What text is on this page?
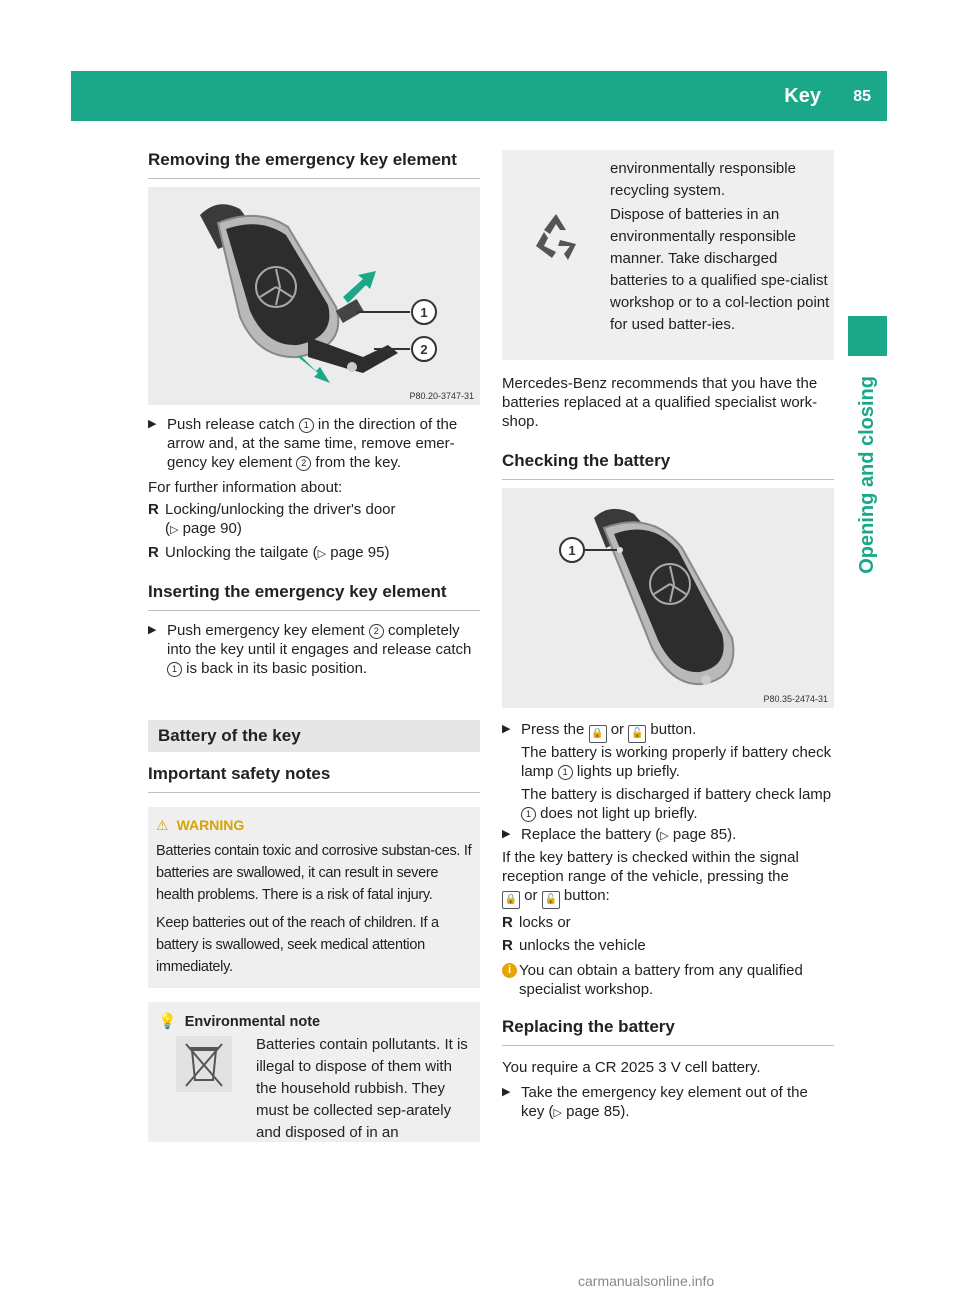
Key 85
Opening and closing
Removing the emergency key element
1
2
P80.20-3747-31
▶ Push release catch 1 in the direction of the arrow and, at the same time, remove emer-gency key element 2 from the key.

For further information about:

R Locking/unlocking the driver's door
(▷ page 90)
R Unlocking the tailgate (▷ page 95)
Inserting the emergency key element
▶ Push emergency key element 2 completely into the key until it engages and release catch 1 is back in its basic position.
Battery of the key
Important safety notes
⚠ WARNING

Batteries contain toxic and corrosive substan-ces. If batteries are swallowed, it can result in severe health problems. There is a risk of fatal injury.

Keep batteries out of the reach of children. If a battery is swallowed, seek medical attention immediately.

💡 Environmental note

Batteries contain pollutants. It is illegal to dispose of them with the household rubbish. They must be collected sep-arately and disposed of in an

environmentally responsible recycling system.

Dispose of batteries in an environmentally responsible manner. Take discharged batteries to a qualified spe-cialist workshop or to a col-lection point for used batter-ies.

Mercedes-Benz recommends that you have the batteries replaced at a qualified specialist work-shop.

Checking the battery
1
P80.35-2474-31
▶ Press the 🔒 or 🔓 button.
The battery is working properly if battery check lamp 1 lights up briefly.
The battery is discharged if battery check lamp 1 does not light up briefly.
▶ Replace the battery (▷ page 85).

If the key battery is checked within the signal reception range of the vehicle, pressing the
🔒 or 🔓 button:

R locks or
R unlocks the vehicle
i You can obtain a battery from any qualified specialist workshop.
Replacing the battery

You require a CR 2025 3 V cell battery.

▶ Take the emergency key element out of the key (▷ page 85).
carmanualsonline.info
